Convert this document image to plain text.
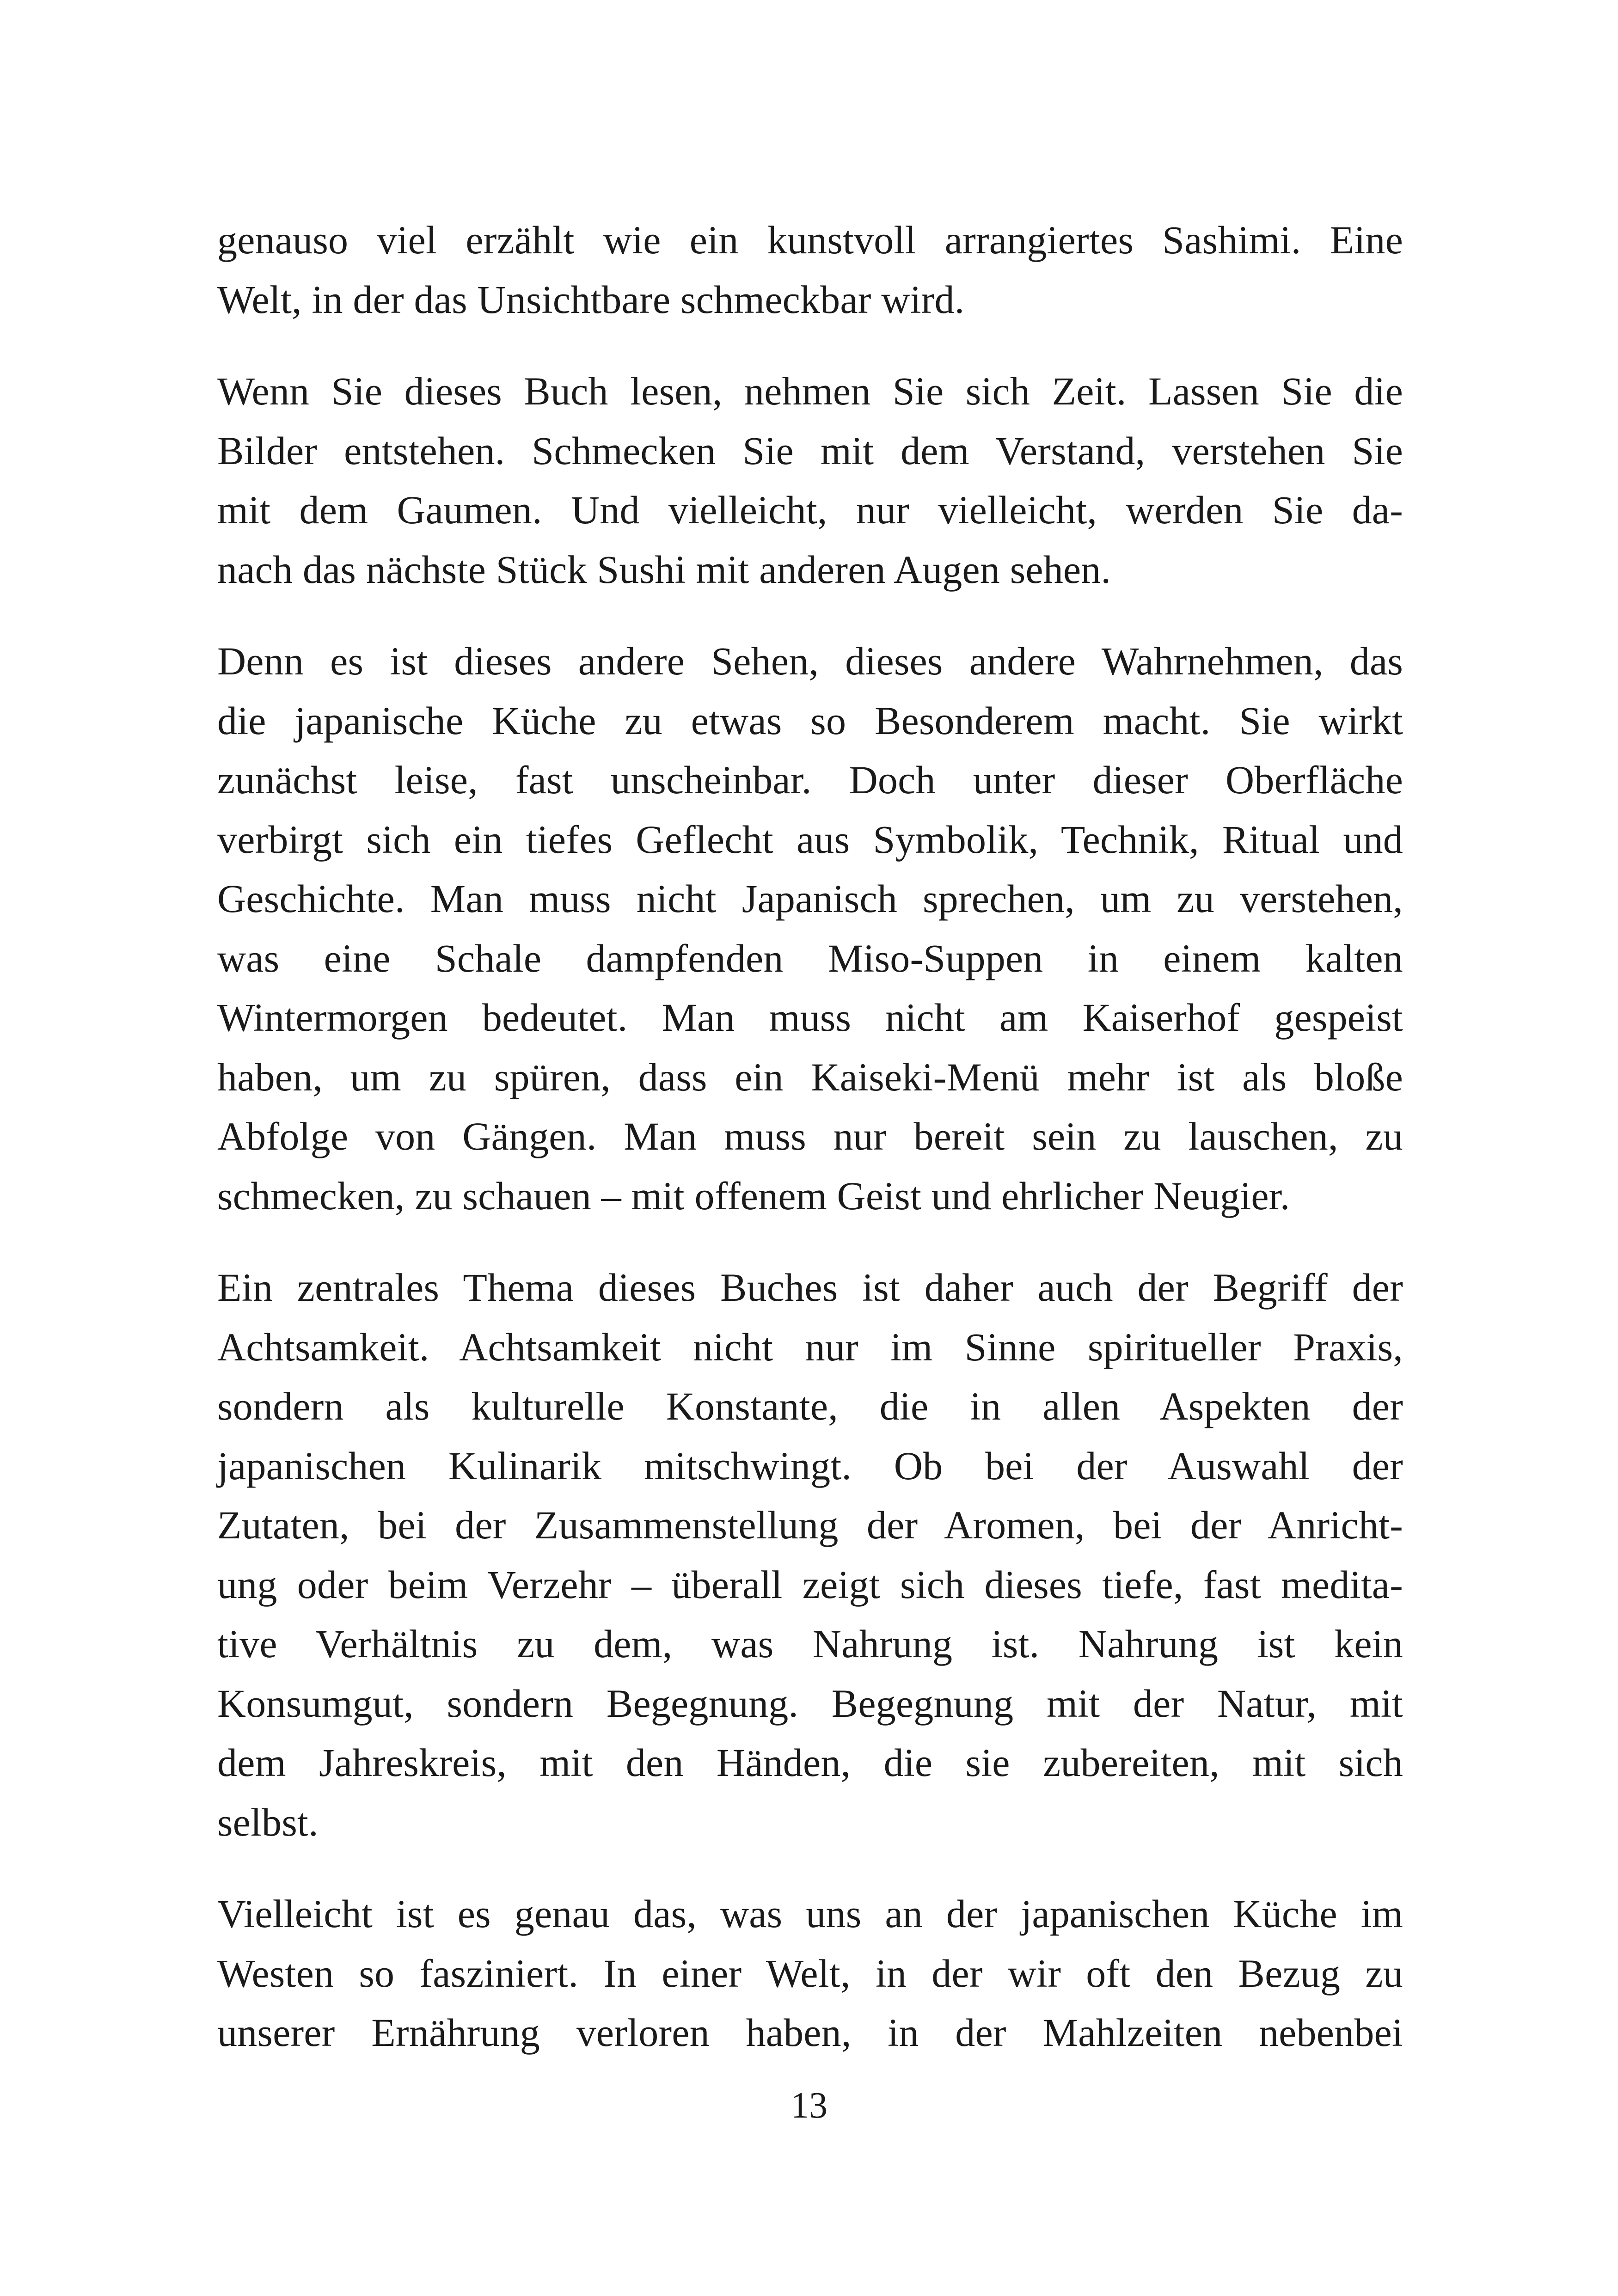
genauso viel erzählt wie ein kunstvoll arrangiertes Sashimi. Eine
Welt, in der das Unsichtbare schmeckbar wird.
Wenn Sie dieses Buch lesen, nehmen Sie sich Zeit. Lassen Sie die
Bilder entstehen. Schmecken Sie mit dem Verstand, verstehen Sie
mit dem Gaumen. Und vielleicht, nur vielleicht, werden Sie da-
nach das nächste Stück Sushi mit anderen Augen sehen.
Denn es ist dieses andere Sehen, dieses andere Wahrnehmen, das
die japanische Küche zu etwas so Besonderem macht. Sie wirkt
zunächst leise, fast unscheinbar. Doch unter dieser Oberfläche
verbirgt sich ein tiefes Geflecht aus Symbolik, Technik, Ritual und
Geschichte. Man muss nicht Japanisch sprechen, um zu verstehen,
was eine Schale dampfenden Miso-Suppen in einem kalten
Wintermorgen bedeutet. Man muss nicht am Kaiserhof gespeist
haben, um zu spüren, dass ein Kaiseki-Menü mehr ist als bloße
Abfolge von Gängen. Man muss nur bereit sein zu lauschen, zu
schmecken, zu schauen – mit offenem Geist und ehrlicher Neugier.
Ein zentrales Thema dieses Buches ist daher auch der Begriff der
Achtsamkeit. Achtsamkeit nicht nur im Sinne spiritueller Praxis,
sondern als kulturelle Konstante, die in allen Aspekten der
japanischen Kulinarik mitschwingt. Ob bei der Auswahl der
Zutaten, bei der Zusammenstellung der Aromen, bei der Anricht-
ung oder beim Verzehr – überall zeigt sich dieses tiefe, fast medita-
tive Verhältnis zu dem, was Nahrung ist. Nahrung ist kein
Konsumgut, sondern Begegnung. Begegnung mit der Natur, mit
dem Jahreskreis, mit den Händen, die sie zubereiten, mit sich
selbst.
Vielleicht ist es genau das, was uns an der japanischen Küche im
Westen so fasziniert. In einer Welt, in der wir oft den Bezug zu
unserer Ernährung verloren haben, in der Mahlzeiten nebenbei
13
